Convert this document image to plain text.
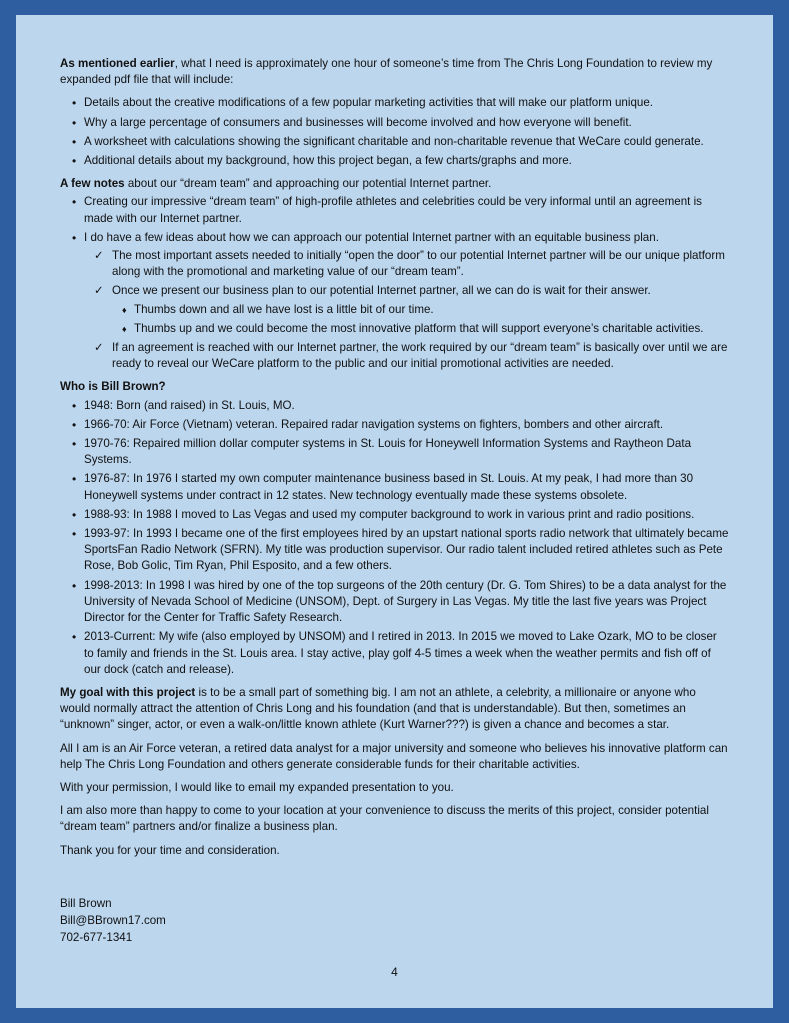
As mentioned earlier, what I need is approximately one hour of someone’s time from The Chris Long Foundation to review my expanded pdf file that will include:

• Details about the creative modifications of a few popular marketing activities that will make our platform unique.
• Why a large percentage of consumers and businesses will become involved and how everyone will benefit.
• A worksheet with calculations showing the significant charitable and non-charitable revenue that WeCare could generate.
• Additional details about my background, how this project began, a few charts/graphs and more.

A few notes about our “dream team” and approaching our potential Internet partner.

• Creating our impressive “dream team” of high-profile athletes and celebrities could be very informal until an agreement is made with our Internet partner.
• I do have a few ideas about how we can approach our potential Internet partner with an equitable business plan.
✓ The most important assets needed to initially “open the door” to our potential Internet partner will be our unique platform along with the promotional and marketing value of our “dream team”.
✓ Once we present our business plan to our potential Internet partner, all we can do is wait for their answer.
♦ Thumbs down and all we have lost is a little bit of our time.
♦ Thumbs up and we could become the most innovative platform that will support everyone’s charitable activities.
✓ If an agreement is reached with our Internet partner, the work required by our “dream team” is basically over until we are ready to reveal our WeCare platform to the public and our initial promotional activities are needed.

Who is Bill Brown?

• 1948: Born (and raised) in St. Louis, MO.
• 1966-70: Air Force (Vietnam) veteran. Repaired radar navigation systems on fighters, bombers and other aircraft.
• 1970-76: Repaired million dollar computer systems in St. Louis for Honeywell Information Systems and Raytheon Data Systems.
• 1976-87: In 1976 I started my own computer maintenance business based in St. Louis. At my peak, I had more than 30 Honeywell systems under contract in 12 states. New technology eventually made these systems obsolete.
• 1988-93: In 1988 I moved to Las Vegas and used my computer background to work in various print and radio positions.
• 1993-97: In 1993 I became one of the first employees hired by an upstart national sports radio network that ultimately became SportsFan Radio Network (SFRN). My title was production supervisor. Our radio talent included retired athletes such as Pete Rose, Bob Golic, Tim Ryan, Phil Esposito, and a few others.
• 1998-2013: In 1998 I was hired by one of the top surgeons of the 20th century (Dr. G. Tom Shires) to be a data analyst for the University of Nevada School of Medicine (UNSOM), Dept. of Surgery in Las Vegas. My title the last five years was Project Director for the Center for Traffic Safety Research.
• 2013-Current: My wife (also employed by UNSOM) and I retired in 2013. In 2015 we moved to Lake Ozark, MO to be closer to family and friends in the St. Louis area. I stay active, play golf 4-5 times a week when the weather permits and fish off of our dock (catch and release).

My goal with this project is to be a small part of something big. I am not an athlete, a celebrity, a millionaire or anyone who would normally attract the attention of Chris Long and his foundation (and that is understandable). But then, sometimes an “unknown” singer, actor, or even a walk-on/little known athlete (Kurt Warner???) is given a chance and becomes a star.

All I am is an Air Force veteran, a retired data analyst for a major university and someone who believes his innovative platform can help The Chris Long Foundation and others generate considerable funds for their charitable activities.

With your permission, I would like to email my expanded presentation to you.

I am also more than happy to come to your location at your convenience to discuss the merits of this project, consider potential “dream team” partners and/or finalize a business plan.

Thank you for your time and consideration.

Bill Brown
Bill@BBrown17.com
702-677-1341
4
